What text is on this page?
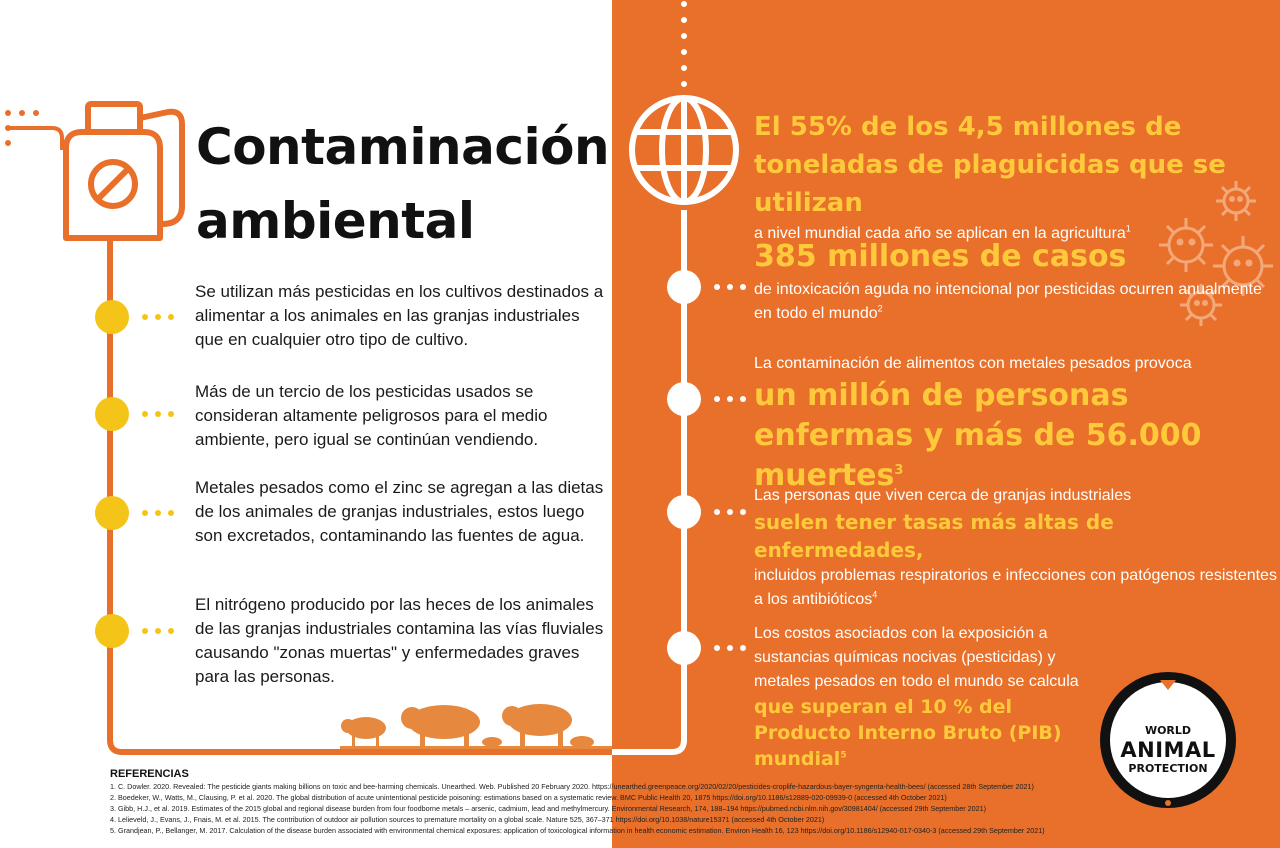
Contaminación
ambiental

Se utilizan más pesticidas en los cultivos destinados a alimentar a los animales en las granjas industriales que en cualquier otro tipo de cultivo.

Más de un tercio de los pesticidas usados se consideran altamente peligrosos para el medio ambiente, pero igual se continúan vendiendo.

Metales pesados como el zinc se agregan a las dietas de los animales de granjas industriales, estos luego son excretados, contaminando las fuentes de agua.

El nitrógeno producido por las heces de los animales de las granjas industriales contamina las vías fluviales causando "zonas muertas" y enfermedades graves para las personas.

El 55% de los 4,5 millones de toneladas de plaguicidas que se utilizan
a nivel mundial cada año se aplican en la agricultura$^1$
385 millones de casos
de intoxicación aguda no intencional por pesticidas ocurren anualmente en todo el mundo$^2$
La contaminación de alimentos con metales pesados provoca
un millón de personas enfermas y más de 56.000 muertes$^3$
Las personas que viven cerca de granjas industriales
suelen tener tasas más altas de enfermedades,
incluidos problemas respiratorios e infecciones con patógenos resistentes a los antibióticos$^4$
Los costos asociados con la exposición a sustancias químicas nocivas (pesticidas) y metales pesados en todo el mundo se calcula
que superan el 10 % del Producto Interno Bruto (PIB) mundial$^5$
WORLD
ANIMAL
PROTECTION

REFERENCIAS

1. C. Dowler. 2020. Revealed: The pesticide giants making billions on toxic and bee-harming chemicals. Unearthed. Web. Published 20 February 2020. https://unearthed.greenpeace.org/2020/02/20/pesticides-croplife-hazardous-bayer-syngenta-health-bees/ (accessed 28th September 2021)
2. Boedeker, W., Watts, M., Clausing, P. et al. 2020. The global distribution of acute unintentional pesticide poisoning: estimations based on a systematic review. BMC Public Health 20, 1875 https://doi.org/10.1186/s12889-020-09939-0 (accessed 4th October 2021)
3. Gibb, H.J., et al. 2019. Estimates of the 2015 global and regional disease burden from four foodborne metals – arsenic, cadmium, lead and methylmercury. Environmental Research, 174, 188–194 https://pubmed.ncbi.nlm.nih.gov/30981404/ (accessed 29th September 2021)
4. Lelieveld, J., Evans, J., Fnais, M. et al. 2015. The contribution of outdoor air pollution sources to premature mortality on a global scale. Nature 525, 367–371 https://doi.org/10.1038/nature15371 (accessed 4th October 2021)
5. Grandjean, P., Bellanger, M. 2017. Calculation of the disease burden associated with environmental chemical exposures: application of toxicological information in health economic estimation. Environ Health 16, 123 https://doi.org/10.1186/s12940-017-0340-3 (accessed 29th September 2021)
